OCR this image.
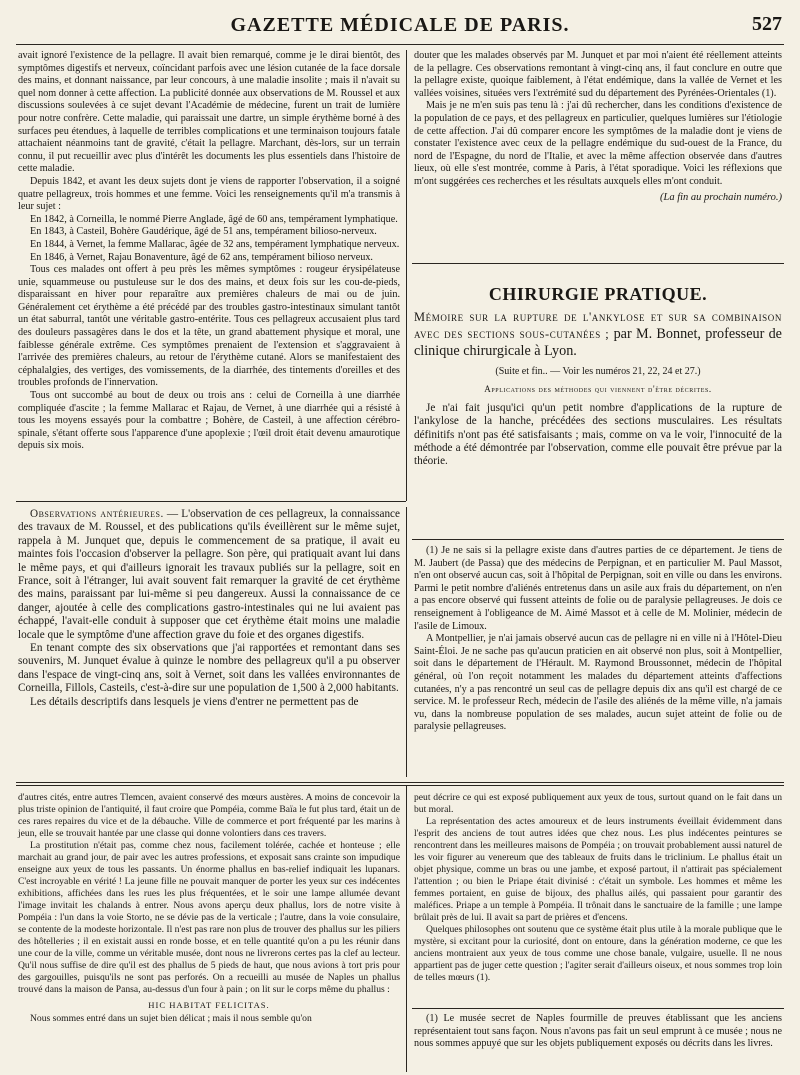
GAZETTE MÉDICALE DE PARIS.	527

avait ignoré l'existence de la pellagre. Il avait bien remarqué, comme je le dirai bientôt, des symptômes digestifs et nerveux, coïncidant parfois avec une lésion cutanée de la face dorsale des mains, et donnant naissance, par leur concours, à une maladie insolite ; mais il n'avait su quel nom donner à cette affection. La publicité donnée aux observations de M. Roussel et aux discussions soulevées à ce sujet devant l'Académie de médecine, furent un trait de lumière pour notre confrère. Cette maladie, qui paraissait une dartre, un simple érythème borné à des surfaces peu étendues, à laquelle de terribles complications et une terminaison toujours fatale attachaient néanmoins tant de gravité, c'était la pellagre. Marchant, dès-lors, sur un terrain connu, il put recueillir avec plus d'intérêt les documents les plus essentiels dans l'histoire de cette maladie.

Depuis 1842, et avant les deux sujets dont je viens de rapporter l'observation, il a soigné quatre pellagreux, trois hommes et une femme. Voici les renseignements qu'il m'a transmis à leur sujet :

En 1842, à Corneilla, le nommé Pierre Anglade, âgé de 60 ans, tempérament lymphatique.

En 1843, à Casteil, Bohère Gaudérique, âgé de 51 ans, tempérament bilioso-nerveux.

En 1844, à Vernet, la femme Mallarac, âgée de 32 ans, tempérament lymphatique nerveux.

En 1846, à Vernet, Rajau Bonaventure, âgé de 62 ans, tempérament bilioso nerveux.

Tous ces malades ont offert à peu près les mêmes symptômes : rougeur érysipélateuse unie, squammeuse ou pustuleuse sur le dos des mains, et deux fois sur les cou-de-pieds, disparaissant en hiver pour reparaître aux premières chaleurs de mai ou de juin. Généralement cet érythème a été précédé par des troubles gastro-intestinaux simulant tantôt un état saburral, tantôt une véritable gastro-entérite. Tous ces pellagreux accusaient plus tard des douleurs passagères dans le dos et la tête, un grand abattement physique et moral, une faiblesse générale extrême. Ces symptômes prenaient de l'extension et s'aggravaient à l'arrivée des premières chaleurs, au retour de l'érythème cutané. Alors se manifestaient des céphalalgies, des vertiges, des vomissements, de la diarrhée, des tintements d'oreilles et des troubles profonds de l'innervation.

Tous ont succombé au bout de deux ou trois ans : celui de Corneilla à une diarrhée compliquée d'ascite ; la femme Mallarac et Rajau, de Vernet, à une diarrhée qui a résisté à tous les moyens essayés pour la combattre ; Bohère, de Casteil, à une affection cérébro-spinale, s'étant offerte sous l'apparence d'une apoplexie ; l'œil droit était devenu amaurotique depuis six mois.

Observations antérieures. — L'observation de ces pellagreux, la connaissance des travaux de M. Roussel, et des publications qu'ils éveillèrent sur le même sujet, rappela à M. Junquet que, depuis le commencement de sa pratique, il avait eu maintes fois l'occasion d'observer la pellagre. Son père, qui pratiquait avant lui dans le même pays, et qui d'ailleurs ignorait les travaux publiés sur la pellagre, soit en France, soit à l'étranger, lui avait souvent fait remarquer la gravité de cet érythème des mains, paraissant par lui-même si peu dangereux. Aussi la connaissance de ce danger, ajoutée à celle des complications gastro-intestinales qui ne lui avaient pas échappé, l'avait-elle conduit à supposer que cet érythème était moins une maladie locale que le symptôme d'une affection grave du foie et des organes digestifs.

En tenant compte des six observations que j'ai rapportées et remontant dans ses souvenirs, M. Junquet évalue à quinze le nombre des pellagreux qu'il a pu observer dans l'espace de vingt-cinq ans, soit à Vernet, soit dans les vallées environnantes de Corneilla, Fillols, Casteils, c'est-à-dire sur une population de 1,500 à 2,000 habitants.

Les détails descriptifs dans lesquels je viens d'entrer ne permettent pas de

douter que les malades observés par M. Junquet et par moi n'aient été réellement atteints de la pellagre. Ces observations remontant à vingt-cinq ans, il faut conclure en outre que la pellagre existe, quoique faiblement, à l'état endémique, dans la vallée de Vernet et les vallées voisines, situées vers l'extrémité sud du département des Pyrénées-Orientales (1).

Mais je ne m'en suis pas tenu là : j'ai dû rechercher, dans les conditions d'existence de la population de ce pays, et des pellagreux en particulier, quelques lumières sur l'étiologie de cette affection. J'ai dû comparer encore les symptômes de la maladie dont je viens de constater l'existence avec ceux de la pellagre endémique du sud-ouest de la France, du nord de l'Espagne, du nord de l'Italie, et avec la même affection observée dans d'autres lieux, où elle s'est montrée, comme à Paris, à l'état sporadique. Voici les réflexions que m'ont suggérées ces recherches et les résultats auxquels elles m'ont conduit.

(La fin au prochain numéro.)
CHIRURGIE PRATIQUE.
Mémoire sur la rupture de l'ankylose et sur sa combinaison avec des sections sous-cutanées ; par M. Bonnet, professeur de clinique chirurgicale à Lyon.
(Suite et fin.. — Voir les numéros 21, 22, 24 et 27.)
Applications des méthodes qui viennent d'être décrites.

Je n'ai fait jusqu'ici qu'un petit nombre d'applications de la rupture de l'ankylose de la hanche, précédées des sections musculaires. Les résultats définitifs n'ont pas été satisfaisants ; mais, comme on va le voir, l'innocuité de la méthode a été démontrée par l'observation, comme elle pouvait être prévue par la théorie.

(1) Je ne sais si la pellagre existe dans d'autres parties de ce département. Je tiens de M. Jaubert (de Passa) que des médecins de Perpignan, et en particulier M. Paul Massot, n'en ont observé aucun cas, soit à l'hôpital de Perpignan, soit en ville ou dans les environs. Parmi le petit nombre d'aliénés entretenus dans un asile aux frais du département, on n'en a pas encore observé qui fussent atteints de folie ou de paralysie pellagreuses. Je dois ce renseignement à l'obligeance de M. Aimé Massot et à celle de M. Molinier, médecin de l'asile de Limoux.

A Montpellier, je n'ai jamais observé aucun cas de pellagre ni en ville ni à l'Hôtel-Dieu Saint-Éloi. Je ne sache pas qu'aucun praticien en ait observé non plus, soit à Montpellier, soit dans le département de l'Hérault. M. Raymond Broussonnet, médecin de l'hôpital général, où l'on reçoit notamment les malades du département atteints d'affections cutanées, n'y a pas rencontré un seul cas de pellagre depuis dix ans qu'il est chargé de ce service. M. le professeur Rech, médecin de l'asile des aliénés de la même ville, n'a jamais vu, dans la nombreuse population de ses malades, aucun sujet atteint de folie ou de paralysie pellagreuses.

d'autres cités, entre autres Tlemcen, avaient conservé des mœurs austères. A moins de concevoir la plus triste opinion de l'antiquité, il faut croire que Pompéia, comme Baïa le fut plus tard, était un de ces rares repaires du vice et de la débauche. Ville de commerce et port fréquenté par les marins à jeun, elle se trouvait hantée par une classe qui donne volontiers dans ces travers.

La prostitution n'était pas, comme chez nous, facilement tolérée, cachée et honteuse ; elle marchait au grand jour, de pair avec les autres professions, et exposait sans crainte son impudique enseigne aux yeux de tous les passants. Un énorme phallus en bas-relief indiquait les lupanars. C'est incroyable en vérité ! La jeune fille ne pouvait manquer de porter les yeux sur ces indécentes exhibitions, affichées dans les rues les plus fréquentées, et le soir une lampe allumée devant l'image invitait les chalands à entrer. Nous avons aperçu deux phallus, lors de notre visite à Pompéia : l'un dans la voie Storto, ne se dévie pas de la verticale ; l'autre, dans la voie consulaire, se contente de la modeste horizontale. Il n'est pas rare non plus de trouver des phallus sur les piliers des hôtelleries ; il en existait aussi en ronde bosse, et en telle quantité qu'on a pu les réunir dans une cour de la ville, comme un véritable musée, dont nous ne livrerons certes pas la clef au lecteur. Qu'il nous suffise de dire qu'il est des phallus de 5 pieds de haut, que nous avions à tort pris pour des gargouilles, puisqu'ils ne sont pas perforés. On a recueilli au musée de Naples un phallus trouvé dans la maison de Pansa, au-dessus d'un four à pain ; on lit sur le corps même du phallus :

HIC HABITAT FELICITAS.

Nous sommes entré dans un sujet bien délicat ; mais il nous semble qu'on

peut décrire ce qui est exposé publiquement aux yeux de tous, surtout quand on le fait dans un but moral.

La représentation des actes amoureux et de leurs instruments éveillait évidemment dans l'esprit des anciens de tout autres idées que chez nous. Les plus indécentes peintures se rencontrent dans les meilleures maisons de Pompéia ; on trouvait probablement aussi naturel de les voir figurer au venereum que des tableaux de fruits dans le triclinium. Le phallus était un objet physique, comme un bras ou une jambe, et exposé partout, il n'attirait pas spécialement l'attention ; ou bien le Priape était divinisé : c'était un symbole. Les hommes et même les femmes portaient, en guise de bijoux, des phallus ailés, qui passaient pour garantir des maléfices. Priape a un temple à Pompéia. Il trônait dans le sanctuaire de la famille ; une lampe brûlait près de lui. Il avait sa part de prières et d'encens.

Quelques philosophes ont soutenu que ce système était plus utile à la morale publique que le mystère, si excitant pour la curiosité, dont on entoure, dans la génération moderne, ce que les anciens montraient aux yeux de tous comme une chose banale, vulgaire, usuelle. Il ne nous appartient pas de juger cette question ; l'agiter serait d'ailleurs oiseux, et nous sommes trop loin de telles mœurs (1).

(1) Le musée secret de Naples fourmille de preuves établissant que les anciens représentaient tout sans façon. Nous n'avons pas fait un seul emprunt à ce musée ; nous ne nous sommes appuyé que sur les objets publiquement exposés ou décrits dans les livres.
